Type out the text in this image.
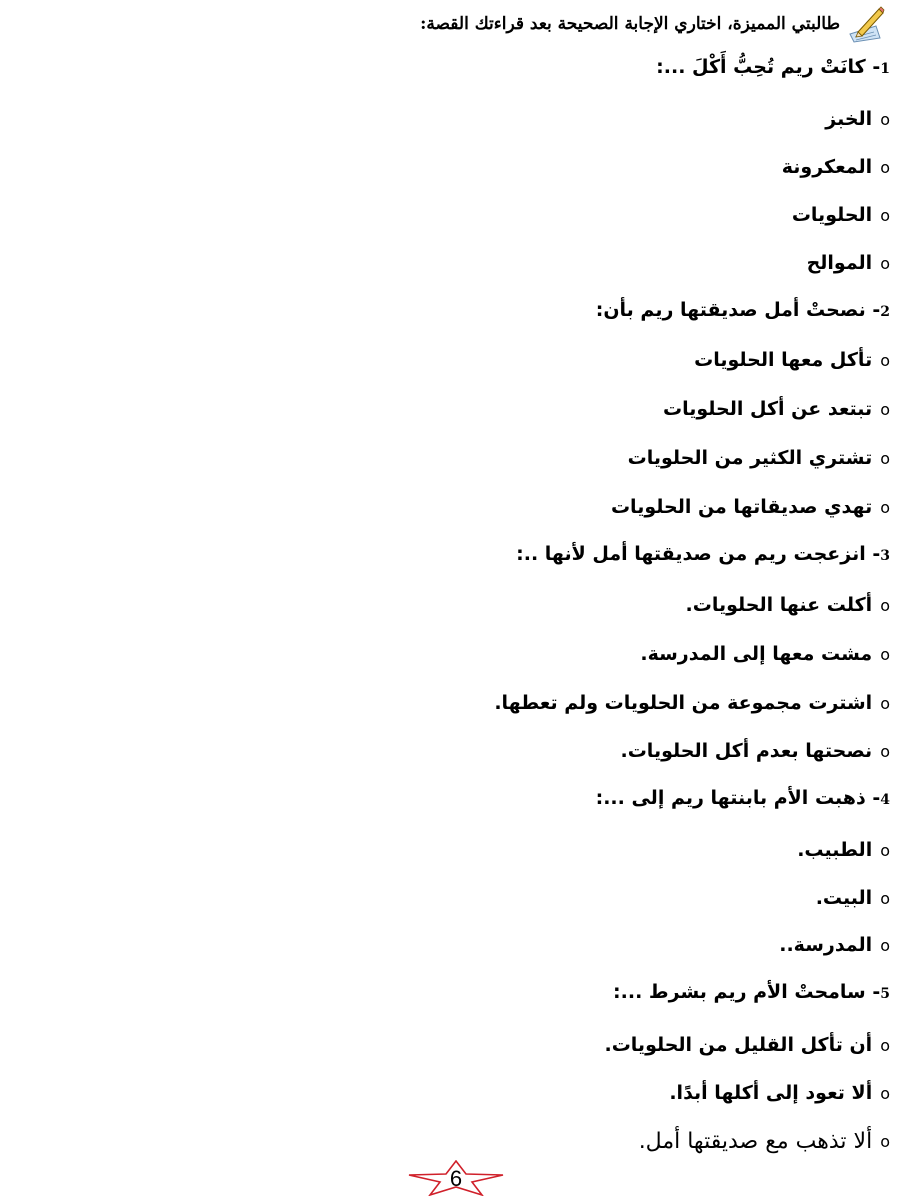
طالبتي المميزة، اختاري الإجابة الصحيحة بعد قراءتك القصة:
1- كانَتْ ريم تُحِبُّ أَكْلَ ...:
o
الخبز
o
المعكرونة
o
الحلويات
o
الموالح
2- نصحتْ أمل صديقتها ريم بأن:
o
تأكل معها الحلويات
o
تبتعد عن أكل الحلويات
o
تشتري الكثير من الحلويات
o
تهدي صديقاتها من الحلويات
3- انزعجت ريم من صديقتها أمل لأنها ..:
o
أكلت عنها الحلويات.
o
مشت معها إلى المدرسة.
o
اشترت مجموعة من الحلويات ولم تعطها.
o
نصحتها بعدم أكل الحلويات.
4- ذهبت الأم بابنتها ريم إلى ...:
o
الطبيب.
o
البيت.
o
المدرسة..
5- سامحتْ الأم ريم بشرط ...:
o
أن تأكل القليل من الحلويات.
o
ألا تعود إلى أكلها أبدًا.
o
ألا تذهب مع صديقتها أمل.
6
